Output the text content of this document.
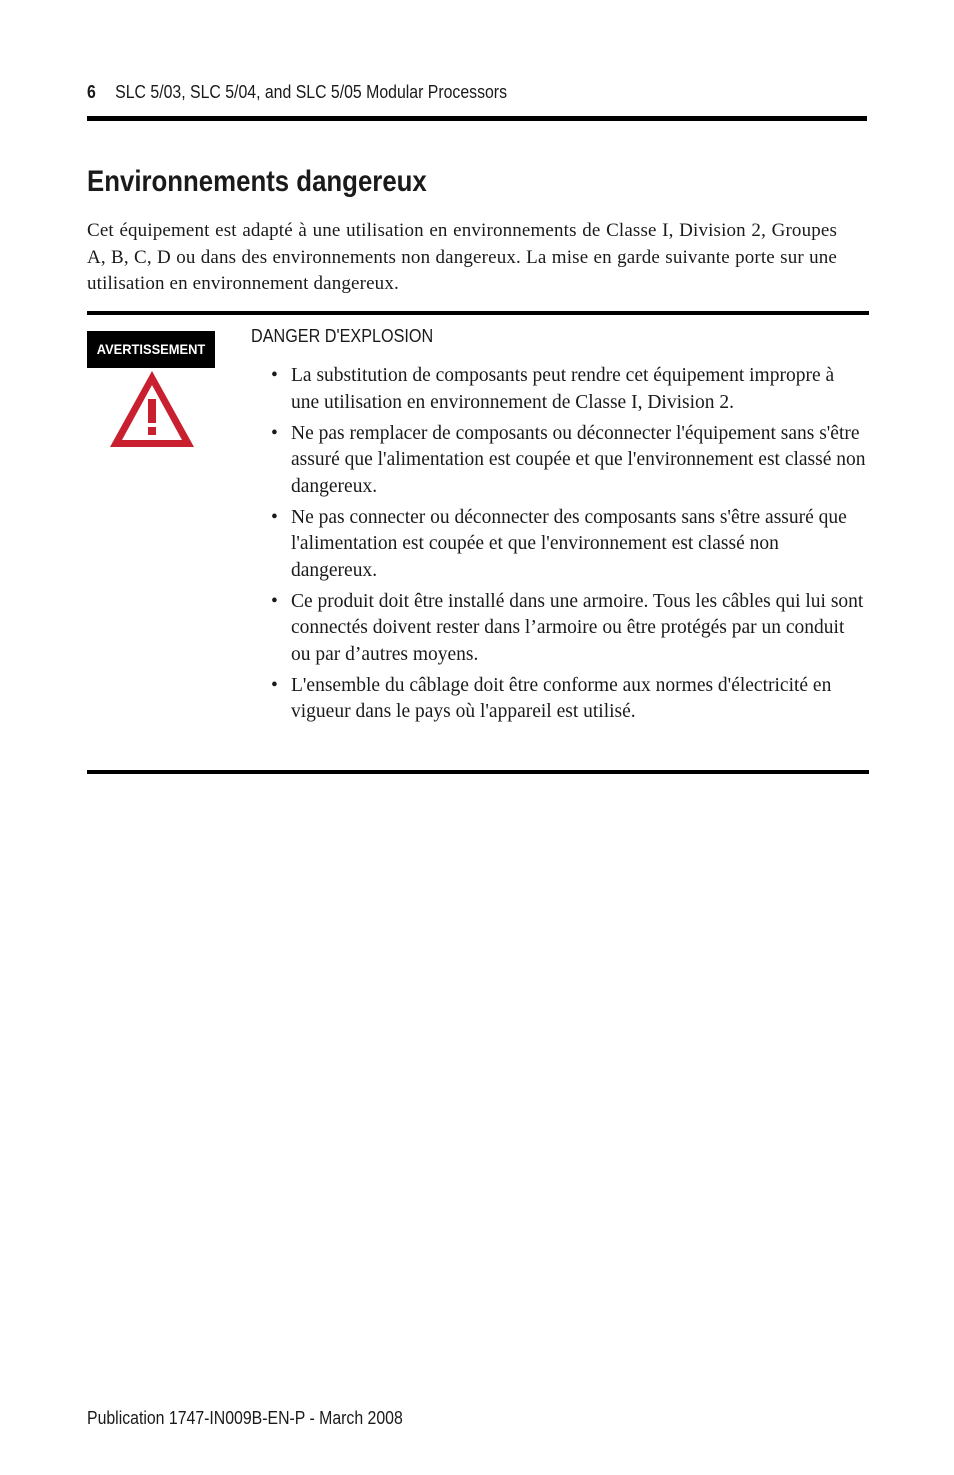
6 SLC 5/03, SLC 5/04, and SLC 5/05 Modular Processors
Environnements dangereux

Cet équipement est adapté à une utilisation en environnements de Classe I, Division 2, Groupes A, B, C, D ou dans des environnements non dangereux. La mise en garde suivante porte sur une utilisation en environnement dangereux.

AVERTISSEMENT
DANGER D'EXPLOSION
• La substitution de composants peut rendre cet équipement impropre à une utilisation en environnement de Classe I, Division 2.
• Ne pas remplacer de composants ou déconnecter l'équipement sans s'être assuré que l'alimentation est coupée et que l'environnement est classé non dangereux.
• Ne pas connecter ou déconnecter des composants sans s'être assuré que l'alimentation est coupée et que l'environnement est classé non dangereux.
• Ce produit doit être installé dans une armoire. Tous les câbles qui lui sont connectés doivent rester dans l’armoire ou être protégés par un conduit ou par d’autres moyens.
• L'ensemble du câblage doit être conforme aux normes d'électricité en vigueur dans le pays où l'appareil est utilisé.
Publication 1747-IN009B-EN-P - March 2008
